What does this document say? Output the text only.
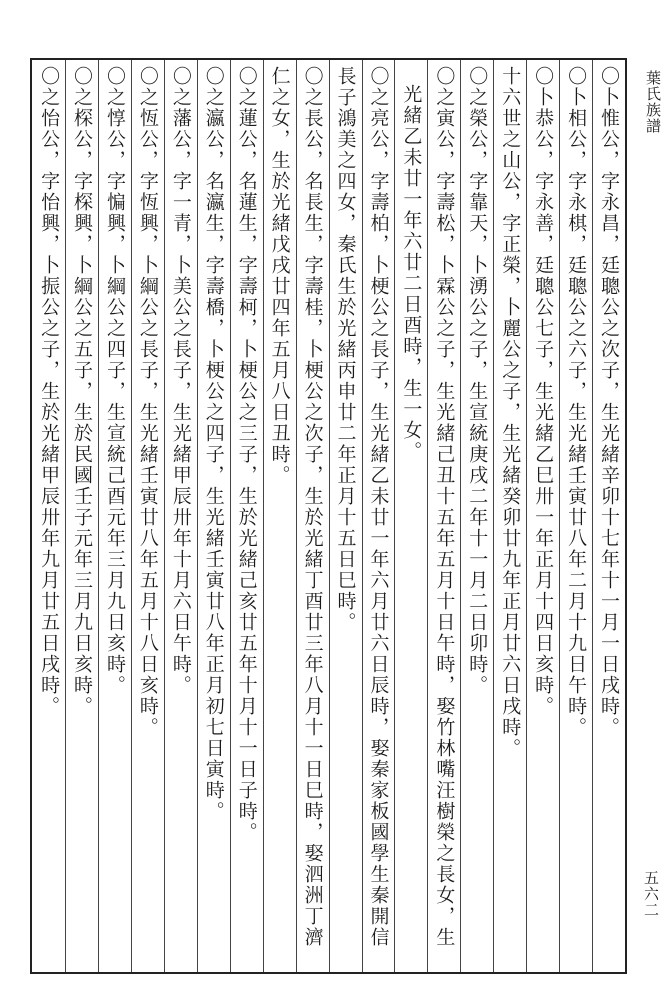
葉氏族譜
〇卜惟公，字永昌，廷聰公之次子，生光緒辛卯十七年十一月一日戌時。
〇卜相公，字永棋，廷聰公之六子，生光緒壬寅廿八年二月十九日午時。
〇卜恭公，字永善，廷聰公七子，生光緒乙巳卅一年正月十四日亥時。
十六世之山公，字正榮，卜麗公之子，生光緒癸卯廿九年正月廿六日戌時。
〇之榮公，字靠天，卜湧公之子，生宣統庚戌二年十一月二日卯時。
〇之寅公，字壽松，卜霖公之子，生光緒己丑十五年五月十日午時，娶竹林嘴汪樹榮之長女，生
光緒乙未廿一年六廿二日酉時，生一女。
〇之亮公，字壽柏，卜梗公之長子，生光緒乙未廿一年六月廿六日辰時，娶秦家板國學生秦開信
長子鴻美之四女，秦氏生於光緒丙申廿二年正月十五日巳時。
〇之長公，名長生，字壽桂，卜梗公之次子，生於光緒丁酉廿三年八月十一日巳時，娶泗洲丁濟
仁之女，生於光緒戊戌廿四年五月八日丑時。
〇之蓮公，名蓮生，字壽柯，卜梗公之三子，生於光緒己亥廿五年十月十一日子時。
〇之瀛公，名瀛生，字壽橋，卜梗公之四子，生光緒壬寅廿八年正月初七日寅時。
〇之藩公，字一青，卜美公之長子，生光緒甲辰卅年十月六日午時。
〇之恆公，字恆興，卜綱公之長子，生光緒壬寅廿八年五月十八日亥時。
〇之惇公，字惼興，卜綱公之四子，生宣統己酉元年三月九日亥時。
〇之棎公，字棎興，卜綱公之五子，生於民國壬子元年三月九日亥時。
〇之怡公，字怡興，卜振公之子，生於光緒甲辰卅年九月廿五日戌時。
五六二
